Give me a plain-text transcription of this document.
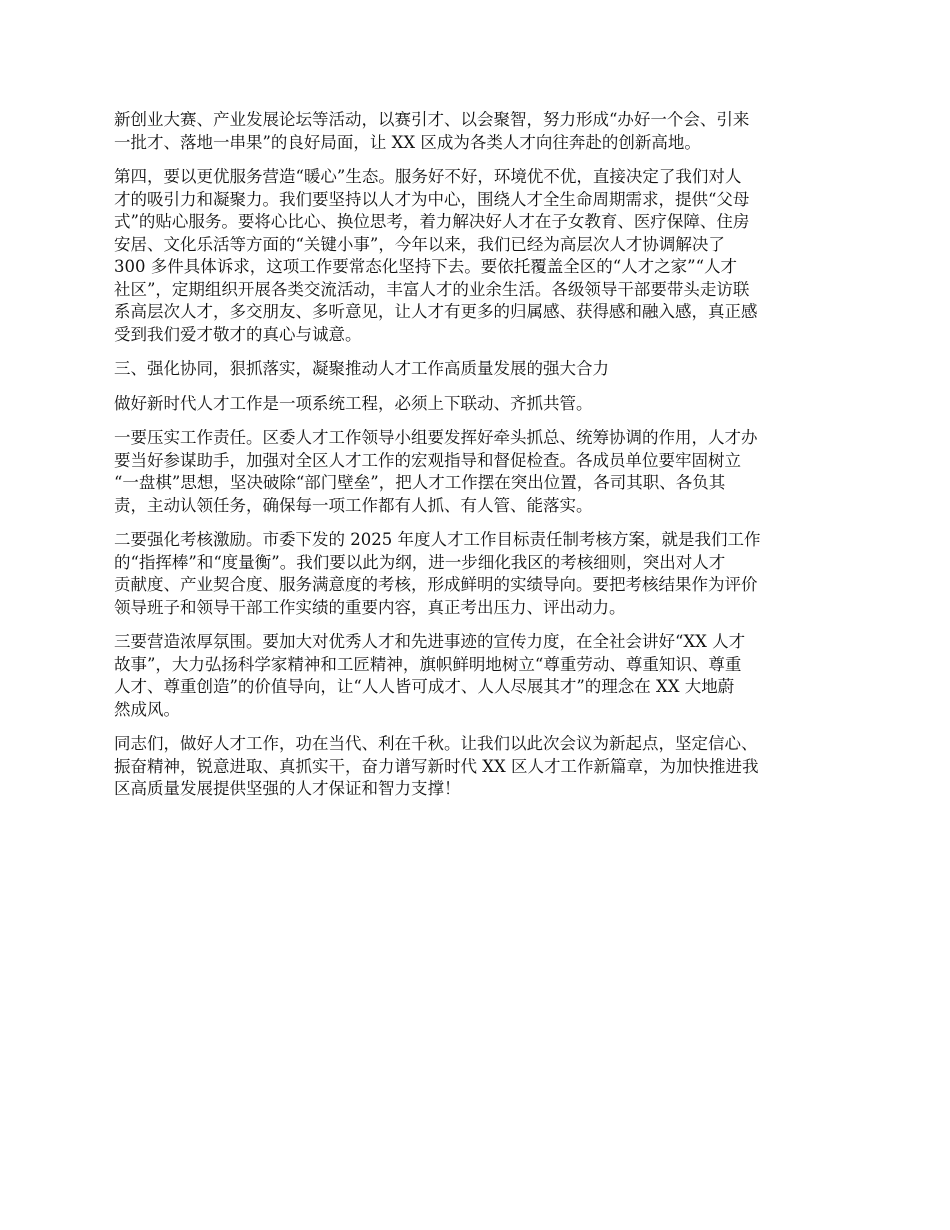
新创业大赛、产业发展论坛等活动，以赛引才、以会聚智，努力形成“办好一个会、引来
一批才、落地一串果”的良好局面，让 XX 区成为各类人才向往奔赴的创新高地。

第四，要以更优服务营造“暖心”生态。服务好不好，环境优不优，直接决定了我们对人
才的吸引力和凝聚力。我们要坚持以人才为中心，围绕人才全生命周期需求，提供“父母
式”的贴心服务。要将心比心、换位思考，着力解决好人才在子女教育、医疗保障、住房
安居、文化乐活等方面的“关键小事”，今年以来，我们已经为高层次人才协调解决了
300 多件具体诉求，这项工作要常态化坚持下去。要依托覆盖全区的“人才之家”“人才
社区”，定期组织开展各类交流活动，丰富人才的业余生活。各级领导干部要带头走访联
系高层次人才，多交朋友、多听意见，让人才有更多的归属感、获得感和融入感，真正感
受到我们爱才敬才的真心与诚意。

三、强化协同，狠抓落实，凝聚推动人才工作高质量发展的强大合力

做好新时代人才工作是一项系统工程，必须上下联动、齐抓共管。

一要压实工作责任。区委人才工作领导小组要发挥好牵头抓总、统筹协调的作用，人才办
要当好参谋助手，加强对全区人才工作的宏观指导和督促检查。各成员单位要牢固树立
“一盘棋”思想，坚决破除“部门壁垒”，把人才工作摆在突出位置，各司其职、各负其
责，主动认领任务，确保每一项工作都有人抓、有人管、能落实。

二要强化考核激励。市委下发的 2025 年度人才工作目标责任制考核方案，就是我们工作
的“指挥棒”和“度量衡”。我们要以此为纲，进一步细化我区的考核细则，突出对人才
贡献度、产业契合度、服务满意度的考核，形成鲜明的实绩导向。要把考核结果作为评价
领导班子和领导干部工作实绩的重要内容，真正考出压力、评出动力。

三要营造浓厚氛围。要加大对优秀人才和先进事迹的宣传力度，在全社会讲好“XX 人才
故事”，大力弘扬科学家精神和工匠精神，旗帜鲜明地树立“尊重劳动、尊重知识、尊重
人才、尊重创造”的价值导向，让“人人皆可成才、人人尽展其才”的理念在 XX 大地蔚
然成风。

同志们，做好人才工作，功在当代、利在千秋。让我们以此次会议为新起点，坚定信心、
振奋精神，锐意进取、真抓实干，奋力谱写新时代 XX 区人才工作新篇章，为加快推进我
区高质量发展提供坚强的人才保证和智力支撑！
